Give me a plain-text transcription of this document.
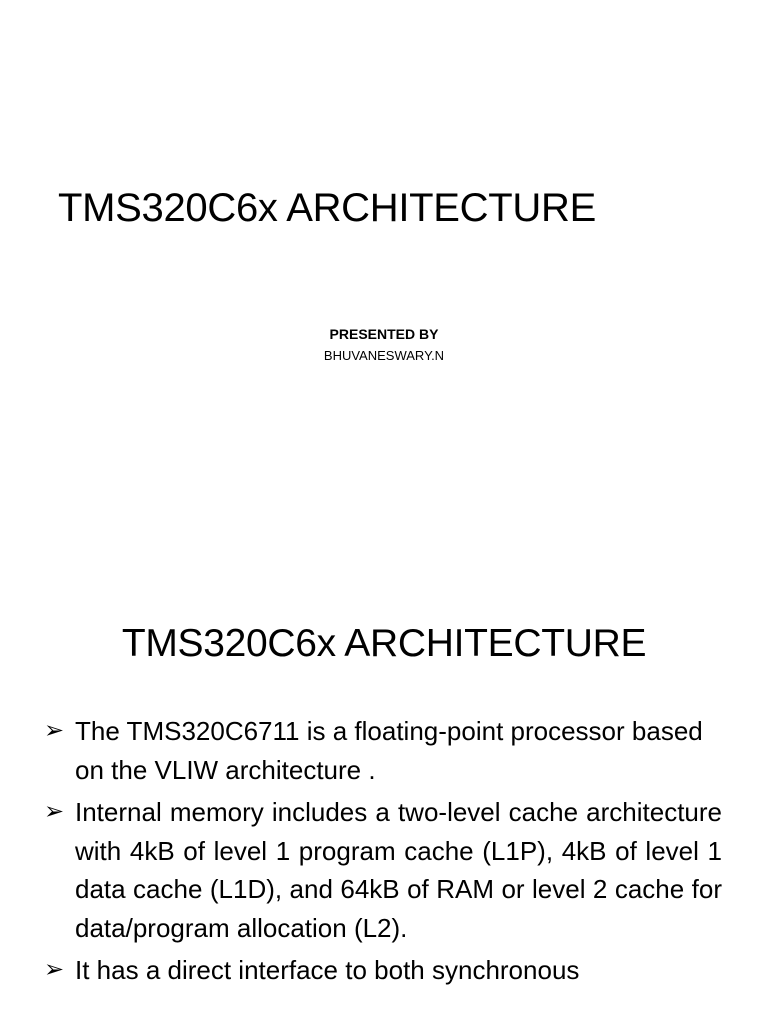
TMS320C6x ARCHITECTURE
PRESENTED BY
BHUVANESWARY.N
TMS320C6x ARCHITECTURE
➢ The TMS320C6711 is a floating-point processor based on the VLIW architecture .
➢ Internal memory includes a two-level cache architecture with 4kB of level 1 program cache (L1P), 4kB of level 1 data cache (L1D), and 64kB of RAM or level 2 cache for data/program allocation (L2).
➢ It has a direct interface to both synchronous
